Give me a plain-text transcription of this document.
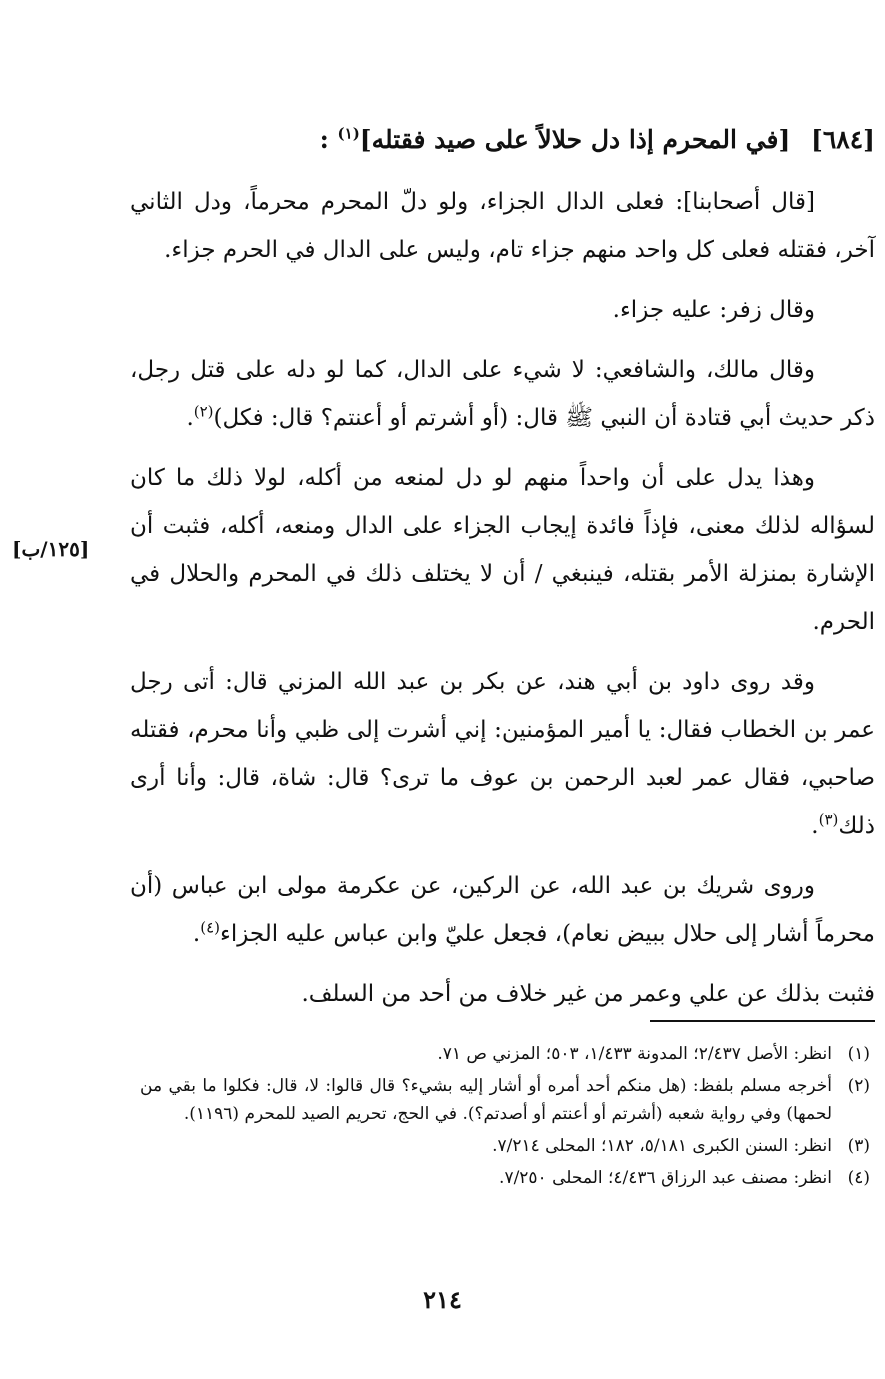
[٦٨٤] [في المحرم إذا دل حلالاً على صيد فقتله]$^{(١)}$ :

[قال أصحابنا]: فعلى الدال الجزاء، ولو دلّ المحرم محرماً، ودل الثاني آخر، فقتله فعلى كل واحد منهم جزاء تام، وليس على الدال في الحرم جزاء.

وقال زفر: عليه جزاء.

وقال مالك، والشافعي: لا شيء على الدال، كما لو دله على قتل رجل، ذكر حديث أبي قتادة أن النبي ﷺ قال: (أو أشرتم أو أعنتم؟ قال: فكل)$^{(٢)}$.

وهذا يدل على أن واحداً منهم لو دل لمنعه من أكله، لولا ذلك ما كان لسؤاله لذلك معنى، فإذاً فائدة إيجاب الجزاء على الدال ومنعه، أكله، فثبت أن الإشارة بمنزلة الأمر بقتله، فينبغي / أن لا يختلف ذلك في المحرم والحلال في الحرم.

وقد روى داود بن أبي هند، عن بكر بن عبد الله المزني قال: أتى رجل عمر بن الخطاب فقال: يا أمير المؤمنين: إني أشرت إلى ظبي وأنا محرم، فقتله صاحبي، فقال عمر لعبد الرحمن بن عوف ما ترى؟ قال: شاة، قال: وأنا أرى ذلك$^{(٣)}$.

وروى شريك بن عبد الله، عن الركين، عن عكرمة مولى ابن عباس (أن محرماً أشار إلى حلال ببيض نعام)، فجعل عليّ وابن عباس عليه الجزاء$^{(٤)}$.

فثبت بذلك عن علي وعمر من غير خلاف من أحد من السلف.

[١٢٥/ب]
(١)
انظر: الأصل ٢/٤٣٧؛ المدونة ١/٤٣٣، ٥٠٣؛ المزني ص ٧١.
(٢)
أخرجه مسلم بلفظ: (هل منكم أحد أمره أو أشار إليه بشيء؟ قال قالوا: لا، قال: فكلوا ما بقي من لحمها) وفي رواية شعبه (أشرتم أو أعنتم أو أصدتم؟). في الحج، تحريم الصيد للمحرم (١١٩٦).
(٣)
انظر: السنن الكبرى ٥/١٨١، ١٨٢؛ المحلى ٧/٢١٤.
(٤)
انظر: مصنف عبد الرزاق ٤/٤٣٦؛ المحلى ٧/٢٥٠.
٢١٤
